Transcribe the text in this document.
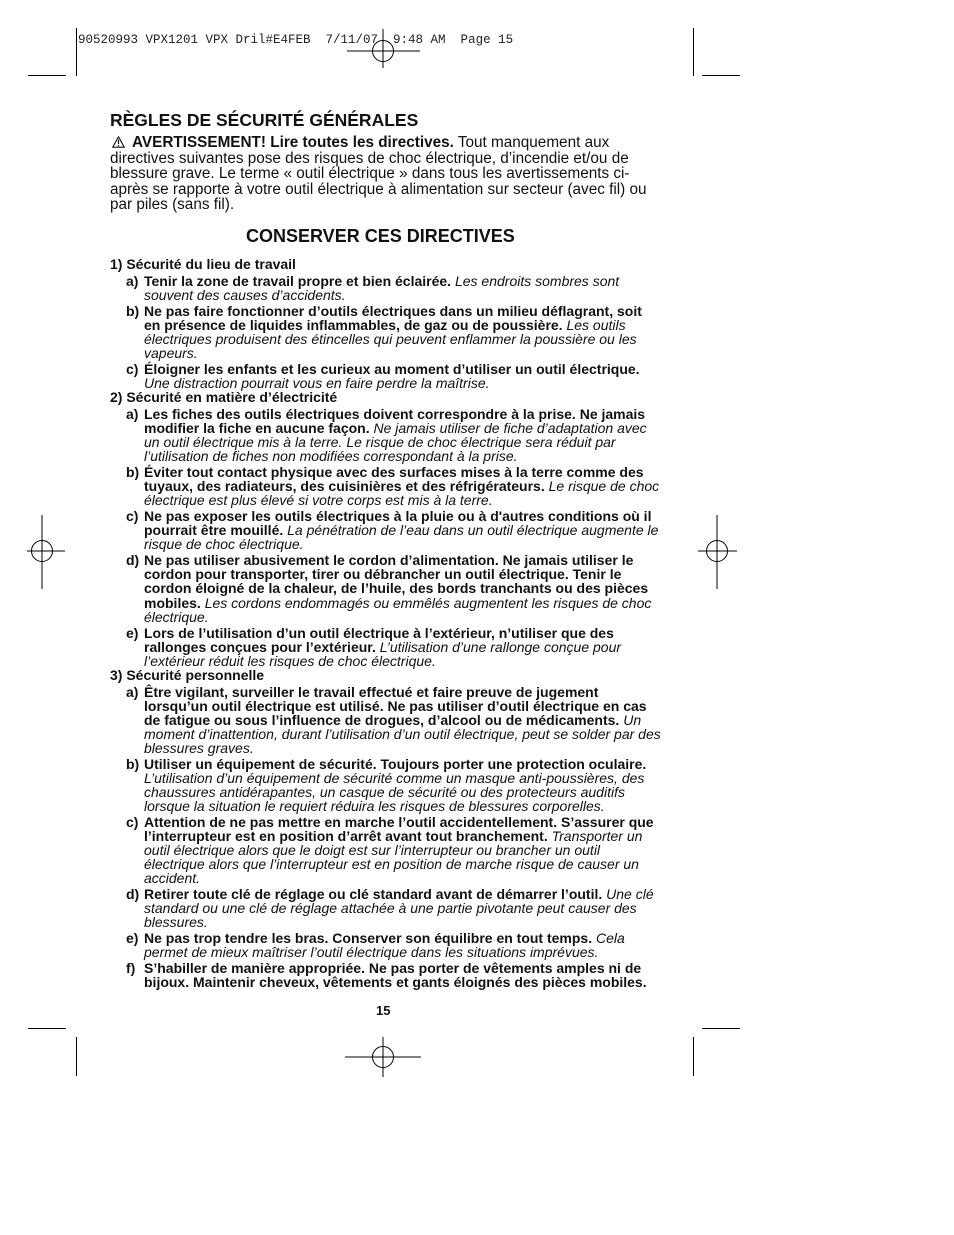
90520993 VPX1201 VPX Dril#E4FEB  7/11/07  9:48 AM  Page 15
RÈGLES DE SÉCURITÉ GÉNÉRALES

AVERTISSEMENT! Lire toutes les directives. Tout manquement aux
directives suivantes pose des risques de choc électrique, d’incendie et/ou de
blessure grave. Le terme « outil électrique » dans tous les avertissements ci-
après se rapporte à votre outil électrique à alimentation sur secteur (avec fil) ou
par piles (sans fil).

CONSERVER CES DIRECTIVES
1) Sécurité du lieu de travail
a) Tenir la zone de travail propre et bien éclairée. Les endroits sombres sont
souvent des causes d’accidents.
b) Ne pas faire fonctionner d’outils électriques dans un milieu déflagrant, soit
en présence de liquides inflammables, de gaz ou de poussière. Les outils
électriques produisent des étincelles qui peuvent enflammer la poussière ou les
vapeurs.
c) Éloigner les enfants et les curieux au moment d’utiliser un outil électrique.
Une distraction pourrait vous en faire perdre la maîtrise.
2) Sécurité en matière d’électricité
a) Les fiches des outils électriques doivent correspondre à la prise. Ne jamais
modifier la fiche en aucune façon. Ne jamais utiliser de fiche d’adaptation avec
un outil électrique mis à la terre. Le risque de choc électrique sera réduit par
l’utilisation de fiches non modifiées correspondant à la prise.
b) Éviter tout contact physique avec des surfaces mises à la terre comme des
tuyaux, des radiateurs, des cuisinières et des réfrigérateurs. Le risque de choc
électrique est plus élevé si votre corps est mis à la terre.
c) Ne pas exposer les outils électriques à la pluie ou à d'autres conditions où il
pourrait être mouillé. La pénétration de l’eau dans un outil électrique augmente le
risque de choc électrique.
d) Ne pas utiliser abusivement le cordon d’alimentation. Ne jamais utiliser le
cordon pour transporter, tirer ou débrancher un outil électrique. Tenir le
cordon éloigné de la chaleur, de l’huile, des bords tranchants ou des pièces
mobiles. Les cordons endommagés ou emmêlés augmentent les risques de choc
électrique.
e) Lors de l’utilisation d’un outil électrique à l’extérieur, n’utiliser que des
rallonges conçues pour l’extérieur. L’utilisation d’une rallonge conçue pour
l’extérieur réduit les risques de choc électrique.
3) Sécurité personnelle
a) Être vigilant, surveiller le travail effectué et faire preuve de jugement
lorsqu’un outil électrique est utilisé. Ne pas utiliser d’outil électrique en cas
de fatigue ou sous l’influence de drogues, d’alcool ou de médicaments. Un
moment d’inattention, durant l’utilisation d’un outil électrique, peut se solder par des
blessures graves.
b) Utiliser un équipement de sécurité. Toujours porter une protection oculaire.
L’utilisation d’un équipement de sécurité comme un masque anti-poussières, des
chaussures antidérapantes, un casque de sécurité ou des protecteurs auditifs
lorsque la situation le requiert réduira les risques de blessures corporelles.
c) Attention de ne pas mettre en marche l’outil accidentellement. S’assurer que
l’interrupteur est en position d’arrêt avant tout branchement. Transporter un
outil électrique alors que le doigt est sur l’interrupteur ou brancher un outil
électrique alors que l’interrupteur est en position de marche risque de causer un
accident.
d) Retirer toute clé de réglage ou clé standard avant de démarrer l’outil. Une clé
standard ou une clé de réglage attachée à une partie pivotante peut causer des
blessures.
e) Ne pas trop tendre les bras. Conserver son équilibre en tout temps. Cela
permet de mieux maîtriser l’outil électrique dans les situations imprévues.
f) S’habiller de manière appropriée. Ne pas porter de vêtements amples ni de
bijoux. Maintenir cheveux, vêtements et gants éloignés des pièces mobiles.
15
